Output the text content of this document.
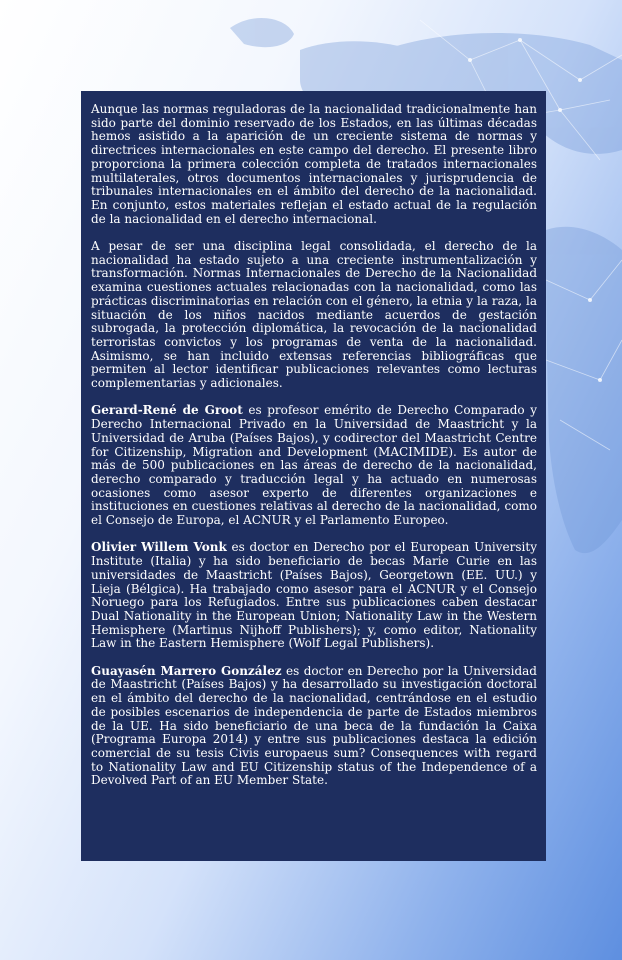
Aunque las normas reguladoras de la nacionalidad tradicionalmente han sido parte del dominio reservado de los Estados, en las últimas décadas hemos asistido a la aparición de un creciente sistema de normas y directrices internacionales en este campo del derecho. El presente libro proporciona la primera colección completa de tratados internacionales multilaterales, otros documentos internacionales y jurisprudencia de tribunales internacionales en el ámbito del derecho de la nacionalidad. En conjunto, estos materiales reflejan el estado actual de la regulación de la nacionalidad en el derecho internacional.

A pesar de ser una disciplina legal consolidada, el derecho de la nacionalidad ha estado sujeto a una creciente instrumentalización y transformación. Normas Internacionales de Derecho de la Nacionalidad examina cuestiones actuales relacionadas con la nacionalidad, como las prácticas discriminatorias en relación con el género, la etnia y la raza, la situación de los niños nacidos mediante acuerdos de gestación subrogada, la protección diplomática, la revocación de la nacionalidad terroristas convictos y los programas de venta de la nacionalidad. Asimismo, se han incluido extensas referencias bibliográficas que permiten al lector identificar publicaciones relevantes como lecturas complementarias y adicionales.

Gerard-René de Groot es profesor emérito de Derecho Comparado y Derecho Internacional Privado en la Universidad de Maastricht y la Universidad de Aruba (Países Bajos), y codirector del Maastricht Centre for Citizenship, Migration and Development (MACIMIDE). Es autor de más de 500 publicaciones en las áreas de derecho de la nacionalidad, derecho comparado y traducción legal y ha actuado en numerosas ocasiones como asesor experto de diferentes organizaciones e instituciones en cuestiones relativas al derecho de la nacionalidad, como el Consejo de Europa, el ACNUR y el Parlamento Europeo.

Olivier Willem Vonk es doctor en Derecho por el European University Institute (Italia) y ha sido beneficiario de becas Marie Curie en las universidades de Maastricht (Países Bajos), Georgetown (EE. UU.) y Lieja (Bélgica). Ha trabajado como asesor para el ACNUR y el Consejo Noruego para los Refugiados. Entre sus publicaciones caben destacar Dual Nationality in the European Union; Nationality Law in the Western Hemisphere (Martinus Nijhoff Publishers); y, como editor, Nationality Law in the Eastern Hemisphere (Wolf Legal Publishers).

Guayasén Marrero González es doctor en Derecho por la Universidad de Maastricht (Países Bajos) y ha desarrollado su investigación doctoral en el ámbito del derecho de la nacionalidad, centrándose en el estudio de posibles escenarios de independencia de parte de Estados miembros de la UE. Ha sido beneficiario de una beca de la fundación la Caixa (Programa Europa 2014) y entre sus publicaciones destaca la edición comercial de su tesis Civis europaeus sum? Consequences with regard to Nationality Law and EU Citizenship status of the Independence of a Devolved Part of an EU Member State.
